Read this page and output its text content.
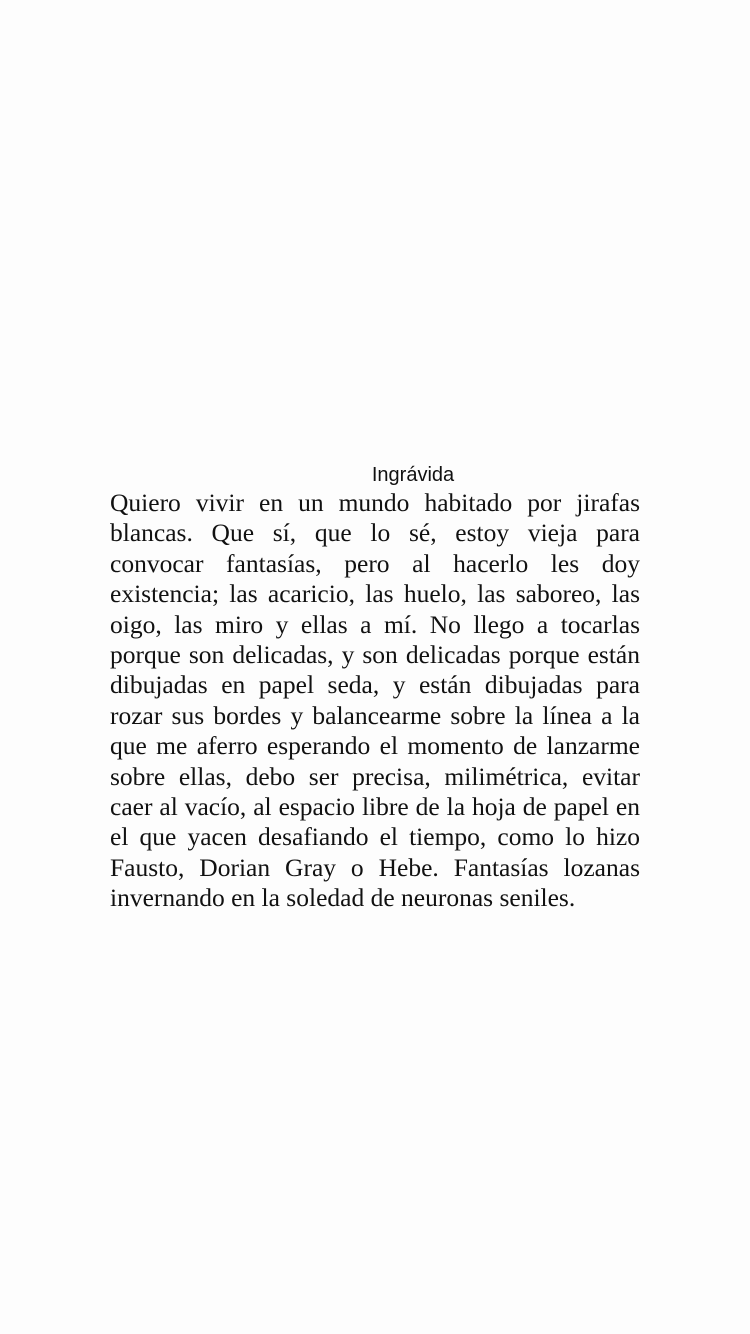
Ingrávida

Quiero vivir en un mundo habitado por jirafas blancas. Que sí, que lo sé, estoy vieja para convocar fantasías, pero al hacerlo les doy existencia; las acaricio, las huelo, las saboreo, las oigo, las miro y ellas a mí. No llego a tocarlas porque son delicadas, y son delicadas porque están dibujadas en papel seda, y están dibujadas para rozar sus bordes y balancearme sobre la línea a la que me aferro esperando el momento de lanzarme sobre ellas, debo ser precisa, milimétrica, evitar caer al vacío, al espacio libre de la hoja de papel en el que yacen desafiando el tiempo, como lo hizo Fausto, Dorian Gray o Hebe. Fantasías lozanas invernando en la soledad de neuronas seniles.
